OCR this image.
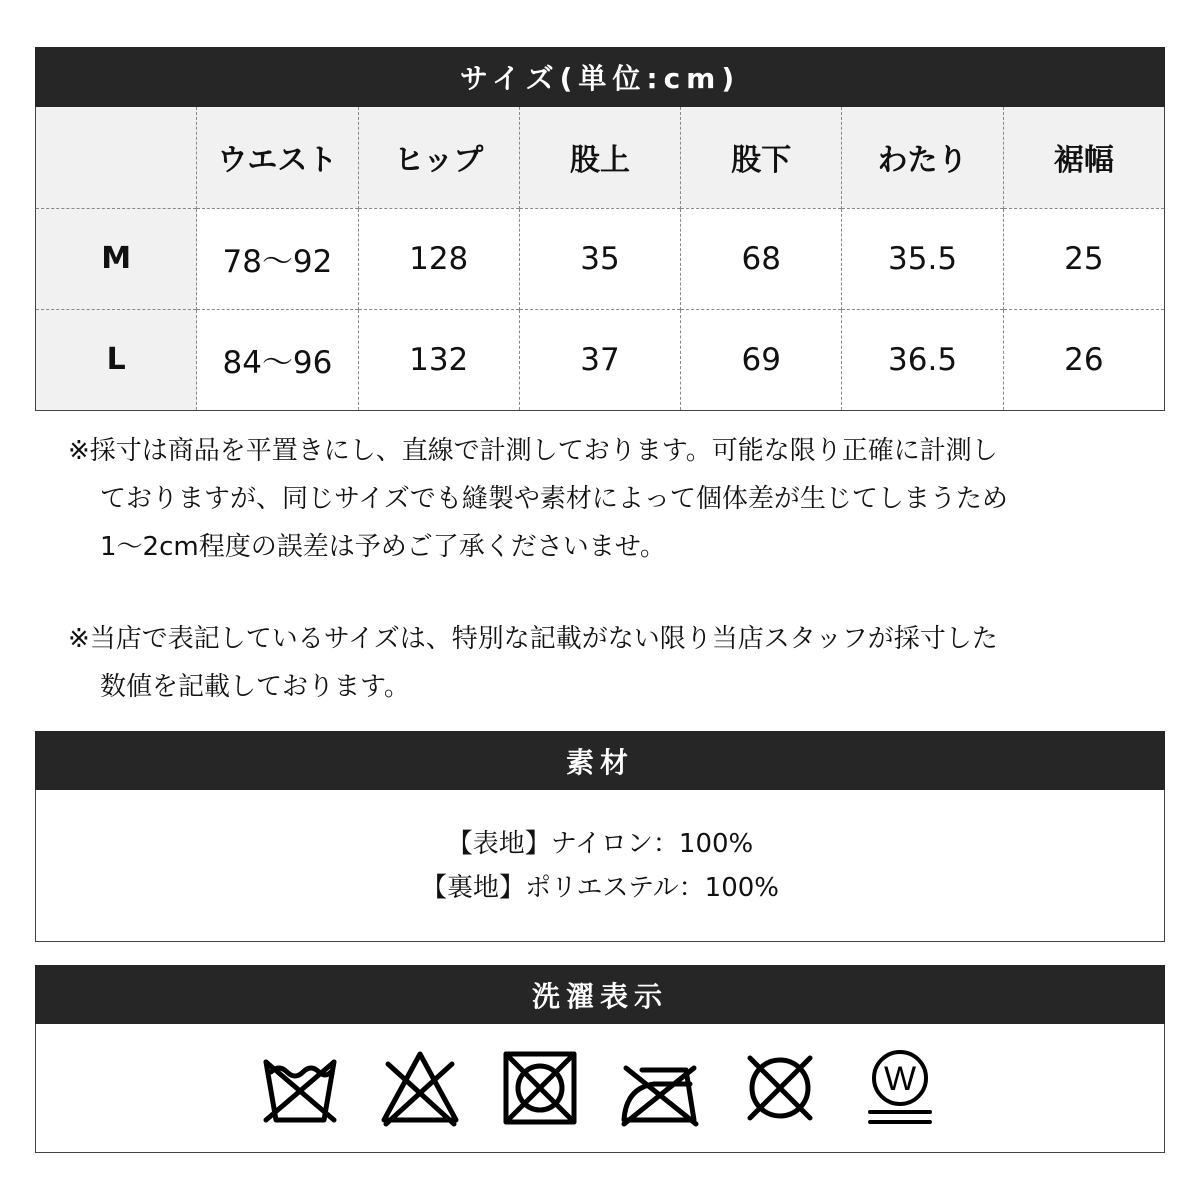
サイズ(単位:cm)
	ウエスト	ヒップ	股上	股下	わたり	裾幅
M	78～92	128	35	68	35.5	25
L	84～96	132	37	69	36.5	26
※採寸は商品を平置きにし、直線で計測しております。可能な限り正確に計測し
ておりますが、同じサイズでも縫製や素材によって個体差が生じてしまうため
1～2cm程度の誤差は予めご了承くださいませ。
※当店で表記しているサイズは、特別な記載がない限り当店スタッフが採寸した
数値を記載しております。
素材
【表地】ナイロン：100%
【裏地】ポリエステル：100%
洗濯表示
W
